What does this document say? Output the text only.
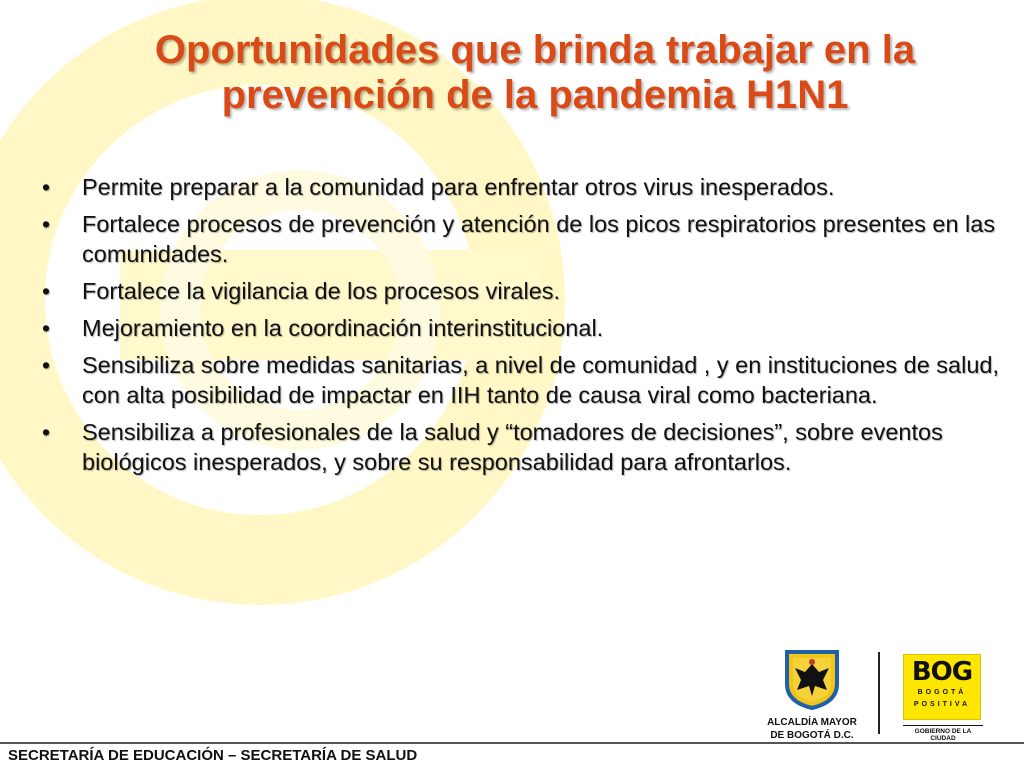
Oportunidades que brinda trabajar en la
prevención de la pandemia H1N1
• Permite preparar a la comunidad para enfrentar otros virus inesperados.
• Fortalece procesos de prevención y atención de los picos respiratorios presentes en las comunidades.
• Fortalece la vigilancia de los procesos virales.
• Mejoramiento en la coordinación interinstitucional.
• Sensibiliza sobre medidas sanitarias, a nivel de comunidad , y en instituciones de salud, con alta posibilidad de impactar en IIH tanto de causa viral como bacteriana.
• Sensibiliza a profesionales de la salud y “tomadores de decisiones”, sobre eventos biológicos inesperados, y sobre su responsabilidad para afrontarlos.
ALCALDÍA MAYOR
DE BOGOTÁ D.C.
BOG
BOGOTÁ
POSITIVA
GOBIERNO DE LA CIUDAD
SECRETARÍA DE EDUCACIÓN – SECRETARÍA DE SALUD
